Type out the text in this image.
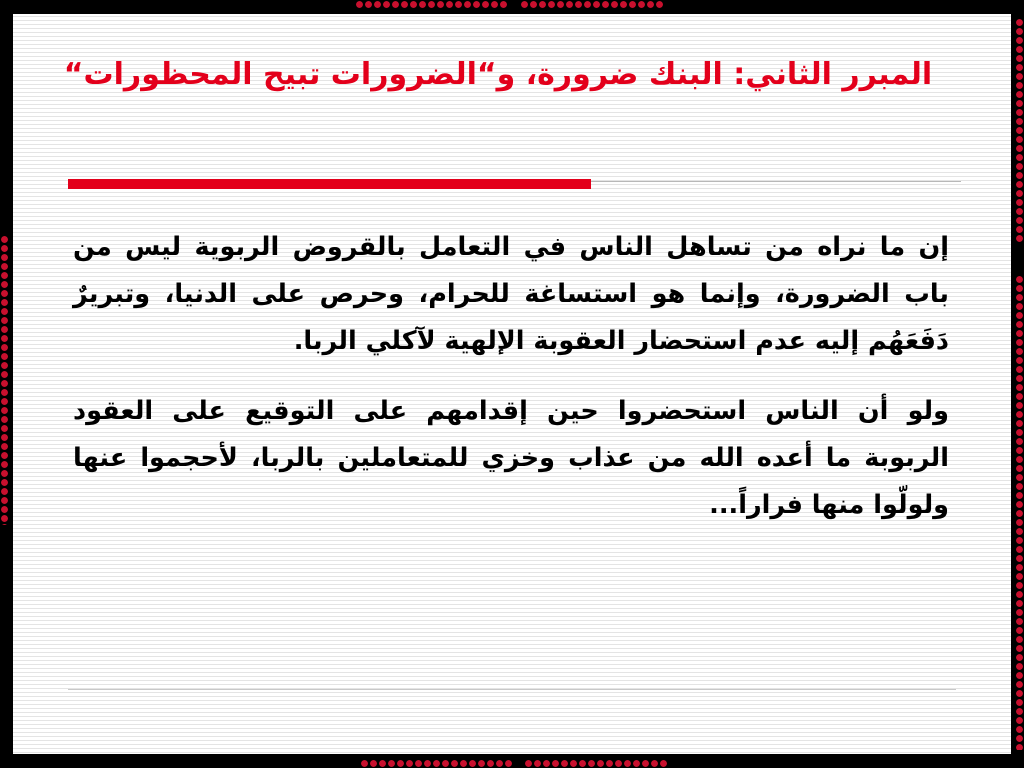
المبرر الثاني: البنك ضرورة، و“الضرورات تبيح المحظورات“

إن ما نراه من تساهل الناس في التعامل بالقروض الربوية ليس من باب الضرورة، وإنما هو استساغة للحرام، وحرص على الدنيا، وتبريرٌ دَفَعَهُم إليه عدم استحضار العقوبة الإلهية لآكلي الربا.

ولو أن الناس استحضروا حين إقدامهم على التوقيع على العقود الربوبة ما أعده الله من عذاب وخزي للمتعاملين بالربا، لأحجموا عنها ولولّوا منها فراراً...
